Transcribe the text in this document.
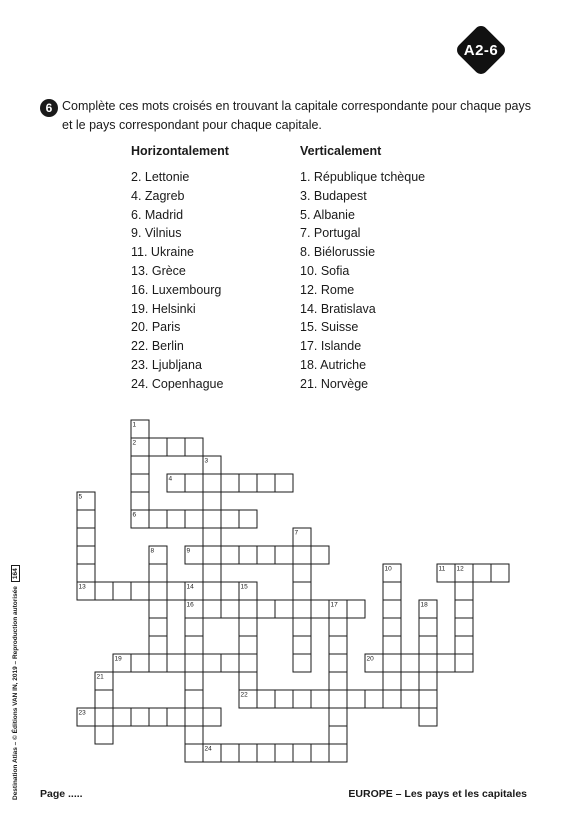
A2-6
6 Complète ces mots croisés en trouvant la capitale correspondante pour chaque pays et le pays correspondant pour chaque capitale.
Horizontalement	Verticalement
2. Lettonie
4. Zagreb
6. Madrid
9. Vilnius
11. Ukraine
13. Grèce
16. Luxembourg
19. Helsinki
20. Paris
22. Berlin
23. Ljubljana
24. Copenhague
1. République tchèque
3. Budapest
5. Albanie
7. Portugal
8. Biélorussie
10. Sofia
12. Rome
14. Bratislava
15. Suisse
17. Islande
18. Autriche
21. Norvège
1
2
3
4
5
6
7
8	9
10	11 12
13	14	15
16	17	18
19	20
21
22
23
24
Destination Atlas – © Éditions VAN IN, 2019 – Reproduction autorisée164
Page .....	EUROPE – Les pays et les capitales
